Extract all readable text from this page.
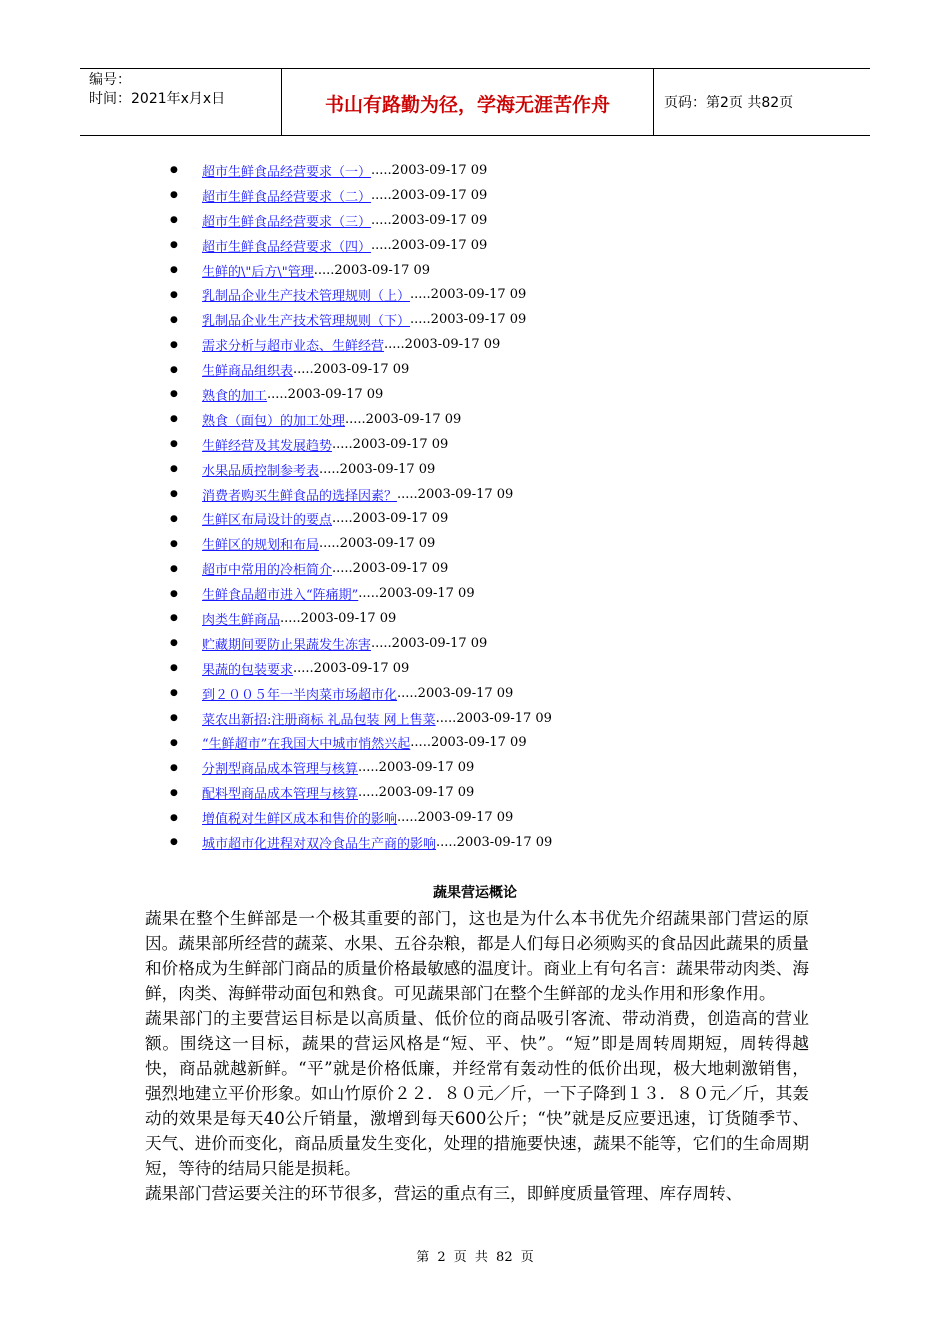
编号：
时间：2021年x月x日	书山有路勤为径，学海无涯苦作舟	页码：第2页 共82页
●	超市生鲜食品经营要求（一） .....2003-09-17 09
●	超市生鲜食品经营要求（二） .....2003-09-17 09
●	超市生鲜食品经营要求（三） .....2003-09-17 09
●	超市生鲜食品经营要求（四） .....2003-09-17 09
●	生鲜的\"后方\"管理 .....2003-09-17 09
●	乳制品企业生产技术管理规则（上） .....2003-09-17 09
●	乳制品企业生产技术管理规则（下） .....2003-09-17 09
●	需求分析与超市业态、生鲜经营 .....2003-09-17 09
●	生鲜商品组织表 .....2003-09-17 09
●	熟食的加工 .....2003-09-17 09
●	熟食（面包）的加工处理 .....2003-09-17 09
●	生鲜经营及其发展趋势 .....2003-09-17 09
●	水果品质控制参考表 .....2003-09-17 09
●	消费者购买生鲜食品的选择因素？ .....2003-09-17 09
●	生鲜区布局设计的要点 .....2003-09-17 09
●	生鲜区的规划和布局 .....2003-09-17 09
●	超市中常用的冷柜简介 .....2003-09-17 09
●	生鲜食品超市进入“阵痛期” .....2003-09-17 09
●	肉类生鲜商品 .....2003-09-17 09
●	贮藏期间要防止果蔬发生冻害 .....2003-09-17 09
●	果蔬的包装要求 .....2003-09-17 09
●	到２００５年一半肉菜市场超市化 .....2003-09-17 09
●	菜农出新招:注册商标 礼品包装 网上售菜 .....2003-09-17 09
●	“生鲜超市”在我国大中城市悄然兴起 .....2003-09-17 09
●	分割型商品成本管理与核算 .....2003-09-17 09
●	配料型商品成本管理与核算 .....2003-09-17 09
●	增值税对生鲜区成本和售价的影响 .....2003-09-17 09
●	城市超市化进程对双冷食品生产商的影响 .....2003-09-17 09
蔬果营运概论

蔬果在整个生鲜部是一个极其重要的部门，这也是为什么本书优先介绍蔬果部门营运的原因。蔬果部所经营的蔬菜、水果、五谷杂粮，都是人们每日必须购买的食品因此蔬果的质量和价格成为生鲜部门商品的质量价格最敏感的温度计。商业上有句名言：蔬果带动肉类、海鲜，肉类、海鲜带动面包和熟食。可见蔬果部门在整个生鲜部的龙头作用和形象作用。

蔬果部门的主要营运目标是以高质量、低价位的商品吸引客流、带动消费，创造高的营业额。围绕这一目标，蔬果的营运风格是“短、平、快”。“短”即是周转周期短，周转得越快，商品就越新鲜。“平”就是价格低廉，并经常有轰动性的低价出现，极大地刺激销售，强烈地建立平价形象。如山竹原价２２．８０元／斤，一下子降到１３．８０元／斤，其轰动的效果是每天40公斤销量，激增到每天600公斤；“快”就是反应要迅速，订货随季节、天气、进价而变化，商品质量发生变化，处理的措施要快速，蔬果不能等，它们的生命周期短，等待的结局只能是损耗。

蔬果部门营运要关注的环节很多，营运的重点有三，即鲜度质量管理、库存周转、

第 2 页 共 82 页
